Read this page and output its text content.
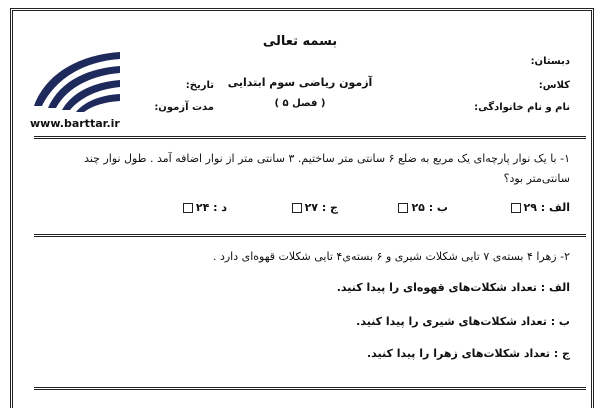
بسمه تعالی
دبستان:
کلاس:
نام و نام خانوادگی:
آزمون ریاضی سوم ابتدایی
( فصل ۵ )
تاریخ:
مدت آزمون:
www.barttar.ir
۱- با یک نوار پارچه‌ای یک مربع به ضلع ۶ سانتی متر ساختیم. ۳ سانتی متر از نوار اضافه آمد . طول نوار چند
سانتی‌متر بود؟
الف : ۲۹
ب : ۲۵
ج : ۲۷
د : ۲۴
۲- زهرا ۴ بسته‌ی ۷ تایی شکلات شیری و ۶ بسته‌ی۴ تایی شکلات قهوه‌ای دارد .
الف : تعداد شکلات‌های قهوه‌ای را پیدا کنید.
ب : تعداد شکلات‌های شیری را پیدا کنید.
ج : تعداد شکلات‌های زهرا را پیدا کنید.
